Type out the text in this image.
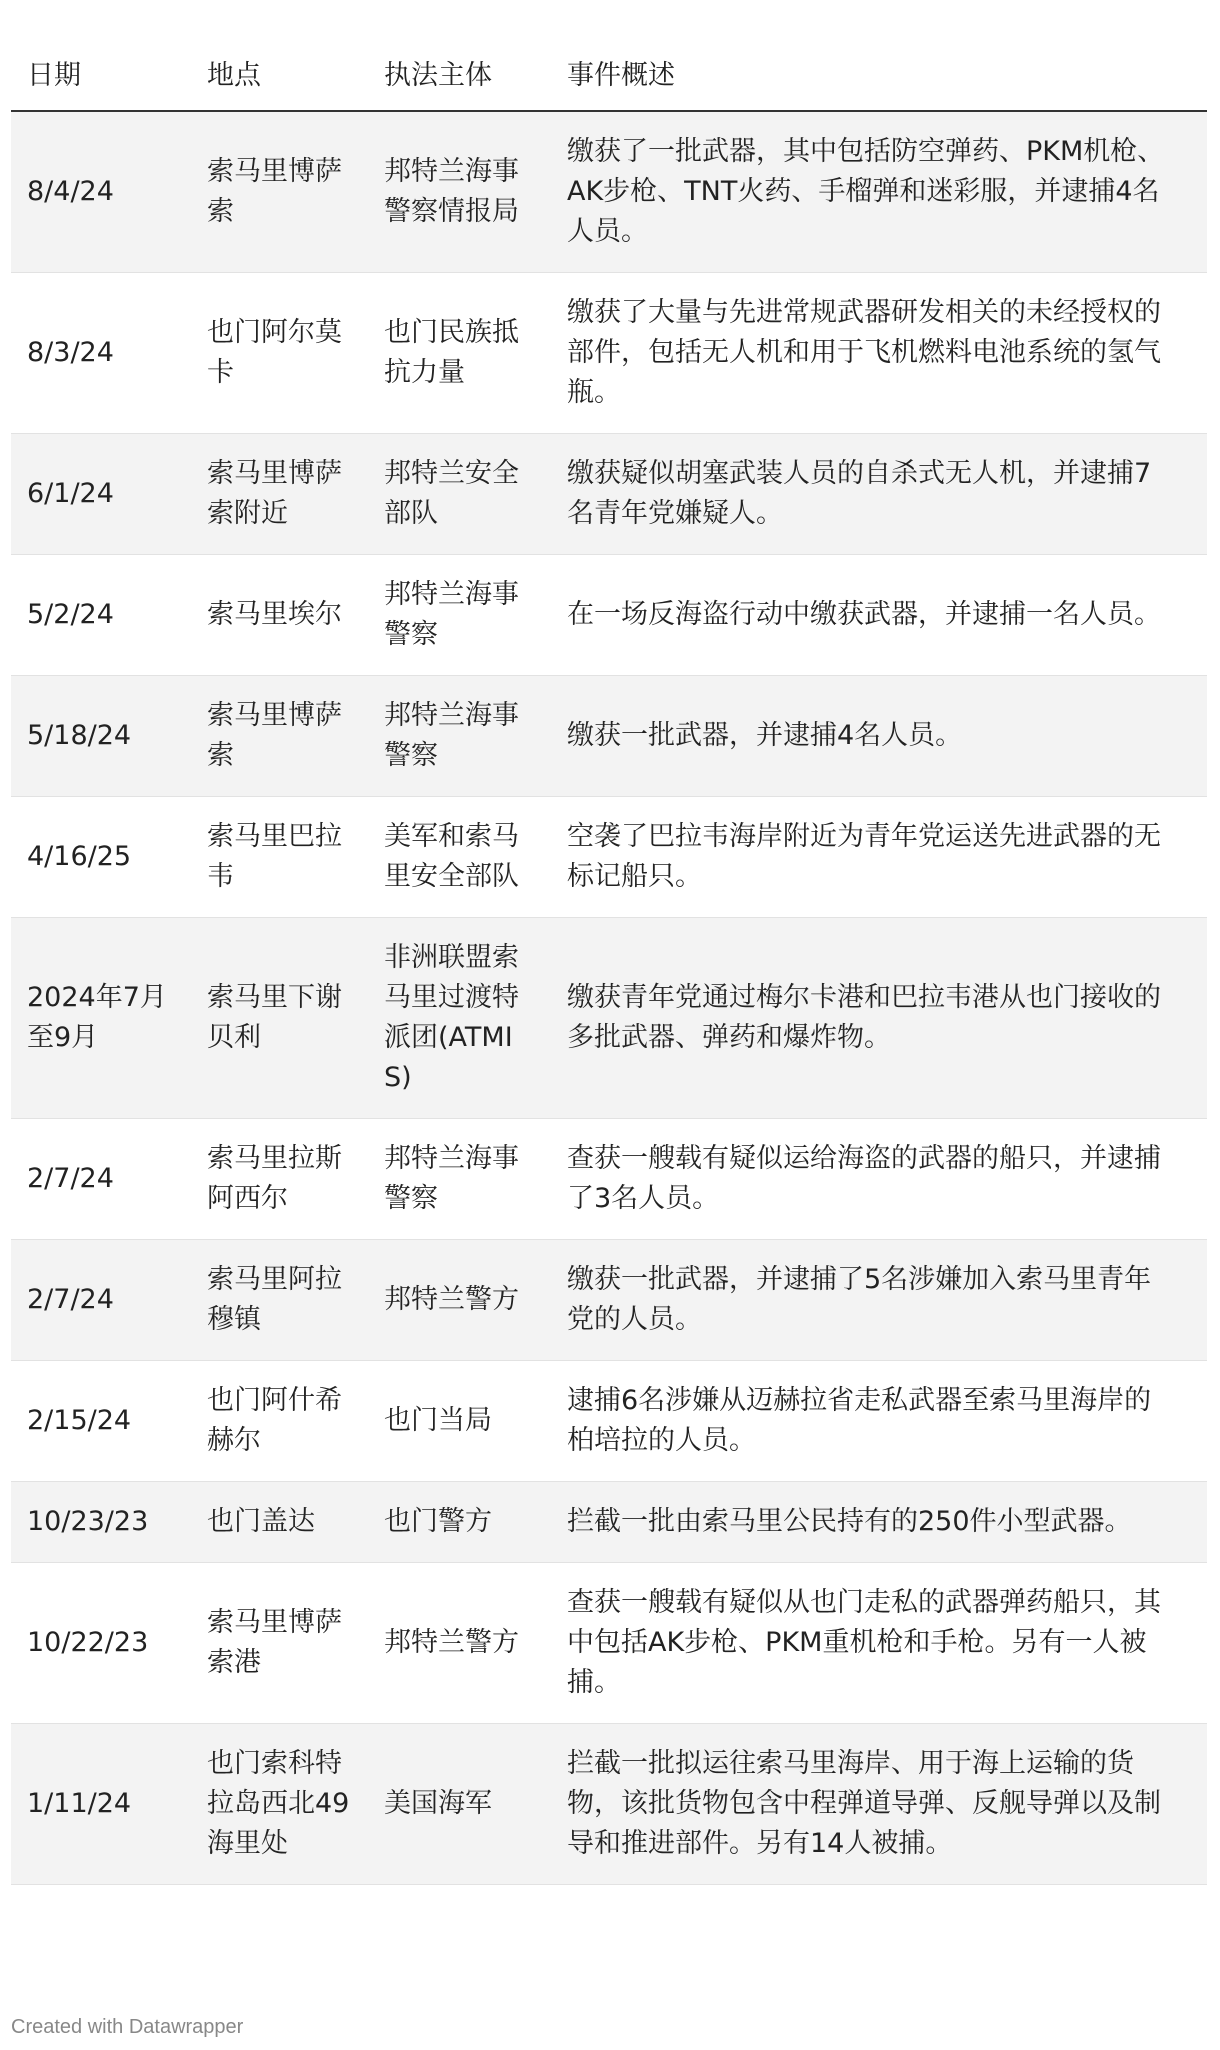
日期	地点	执法主体	事件概述
8/4/24	索马里博萨索	邦特兰海事警察情报局	缴获了一批武器，其中包括防空弹药、PKM机枪、AK步枪、TNT火药、手榴弹和迷彩服，并逮捕4名人员。
8/3/24	也门阿尔莫卡	也门民族抵抗力量	缴获了大量与先进常规武器研发相关的未经授权的部件，包括无人机和用于飞机燃料电池系统的氢气瓶。
6/1/24	索马里博萨索附近	邦特兰安全部队	缴获疑似胡塞武装人员的自杀式无人机，并逮捕7名青年党嫌疑人。
5/2/24	索马里埃尔	邦特兰海事警察	在一场反海盗行动中缴获武器，并逮捕一名人员。
5/18/24	索马里博萨索	邦特兰海事警察	缴获一批武器，并逮捕4名人员。
4/16/25	索马里巴拉韦	美军和索马里安全部队	空袭了巴拉韦海岸附近为青年党运送先进武器的无标记船只。
2024年7月至9月	索马里下谢贝利	非洲联盟索马里过渡特派团(ATMIS)	缴获青年党通过梅尔卡港和巴拉韦港从也门接收的多批武器、弹药和爆炸物。
2/7/24	索马里拉斯阿西尔	邦特兰海事警察	查获一艘载有疑似运给海盗的武器的船只，并逮捕了3名人员。
2/7/24	索马里阿拉穆镇	邦特兰警方	缴获一批武器，并逮捕了5名涉嫌加入索马里青年党的人员。
2/15/24	也门阿什希赫尔	也门当局	逮捕6名涉嫌从迈赫拉省走私武器至索马里海岸的柏培拉的人员。
10/23/23	也门盖达	也门警方	拦截一批由索马里公民持有的250件小型武器。
10/22/23	索马里博萨索港	邦特兰警方	查获一艘载有疑似从也门走私的武器弹药船只，其中包括AK步枪、PKM重机枪和手枪。另有一人被捕。
1/11/24	也门索科特拉岛西北49海里处	美国海军	拦截一批拟运往索马里海岸、用于海上运输的货物，该批货物包含中程弹道导弹、反舰导弹以及制导和推进部件。另有14人被捕。
Created with Datawrapper
